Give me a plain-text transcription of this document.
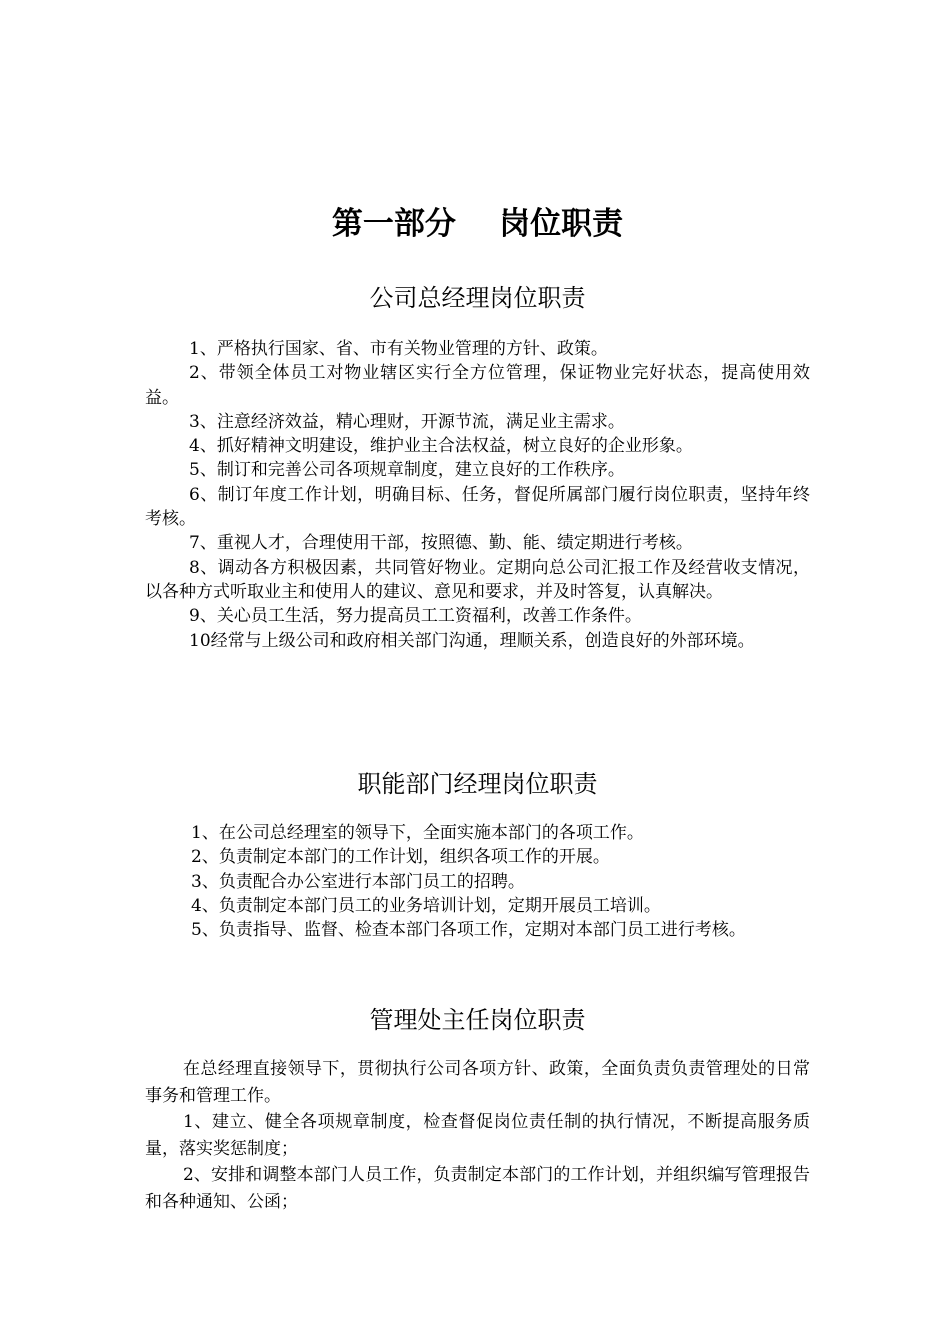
第一部分    岗位职责
公司总经理岗位职责

1、严格执行国家、省、市有关物业管理的方针、政策。

2、带领全体员工对物业辖区实行全方位管理，保证物业完好状态，提高使用效益。

3、注意经济效益，精心理财，开源节流，满足业主需求。

4、抓好精神文明建设，维护业主合法权益，树立良好的企业形象。

5、制订和完善公司各项规章制度，建立良好的工作秩序。

6、制订年度工作计划，明确目标、任务，督促所属部门履行岗位职责，坚持年终考核。

7、重视人才，合理使用干部，按照德、勤、能、绩定期进行考核。

8、调动各方积极因素，共同管好物业。定期向总公司汇报工作及经营收支情况，以各种方式听取业主和使用人的建议、意见和要求，并及时答复，认真解决。

9、关心员工生活，努力提高员工工资福利，改善工作条件。

10经常与上级公司和政府相关部门沟通，理顺关系，创造良好的外部环境。

职能部门经理岗位职责

1、在公司总经理室的领导下，全面实施本部门的各项工作。

2、负责制定本部门的工作计划，组织各项工作的开展。

3、负责配合办公室进行本部门员工的招聘。

4、负责制定本部门员工的业务培训计划，定期开展员工培训。

5、负责指导、监督、检查本部门各项工作，定期对本部门员工进行考核。

管理处主任岗位职责

在总经理直接领导下，贯彻执行公司各项方针、政策，全面负责负责管理处的日常事务和管理工作。

1、建立、健全各项规章制度，检查督促岗位责任制的执行情况，不断提高服务质量，落实奖惩制度；

2、安排和调整本部门人员工作，负责制定本部门的工作计划，并组织编写管理报告和各种通知、公函；
